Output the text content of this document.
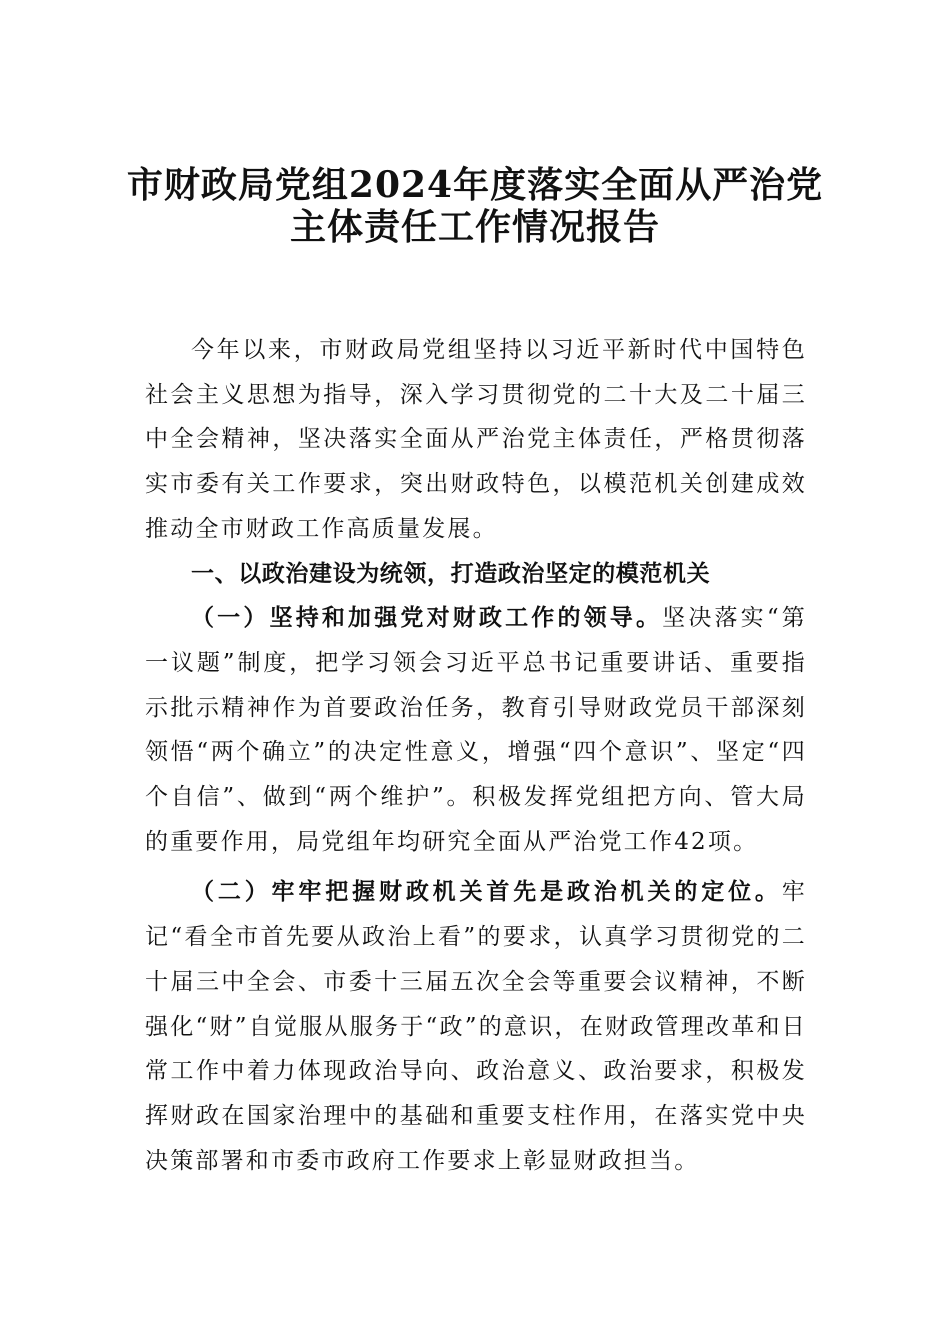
市财政局党组2024年度落实全面从严治党
主体责任工作情况报告

今年以来，市财政局党组坚持以习近平新时代中国特色社会主义思想为指导，深入学习贯彻党的二十大及二十届三中全会精神，坚决落实全面从严治党主体责任，严格贯彻落实市委有关工作要求，突出财政特色，以模范机关创建成效推动全市财政工作高质量发展。

一、以政治建设为统领，打造政治坚定的模范机关

（一）坚持和加强党对财政工作的领导。坚决落实“第一议题”制度，把学习领会习近平总书记重要讲话、重要指示批示精神作为首要政治任务，教育引导财政党员干部深刻领悟“两个确立”的决定性意义，增强“四个意识”、坚定“四个自信”、做到“两个维护”。积极发挥党组把方向、管大局的重要作用，局党组年均研究全面从严治党工作42项。

（二）牢牢把握财政机关首先是政治机关的定位。牢记“看全市首先要从政治上看”的要求，认真学习贯彻党的二十届三中全会、市委十三届五次全会等重要会议精神，不断强化“财”自觉服从服务于“政”的意识，在财政管理改革和日常工作中着力体现政治导向、政治意义、政治要求，积极发挥财政在国家治理中的基础和重要支柱作用，在落实党中央决策部署和市委市政府工作要求上彰显财政担当。
